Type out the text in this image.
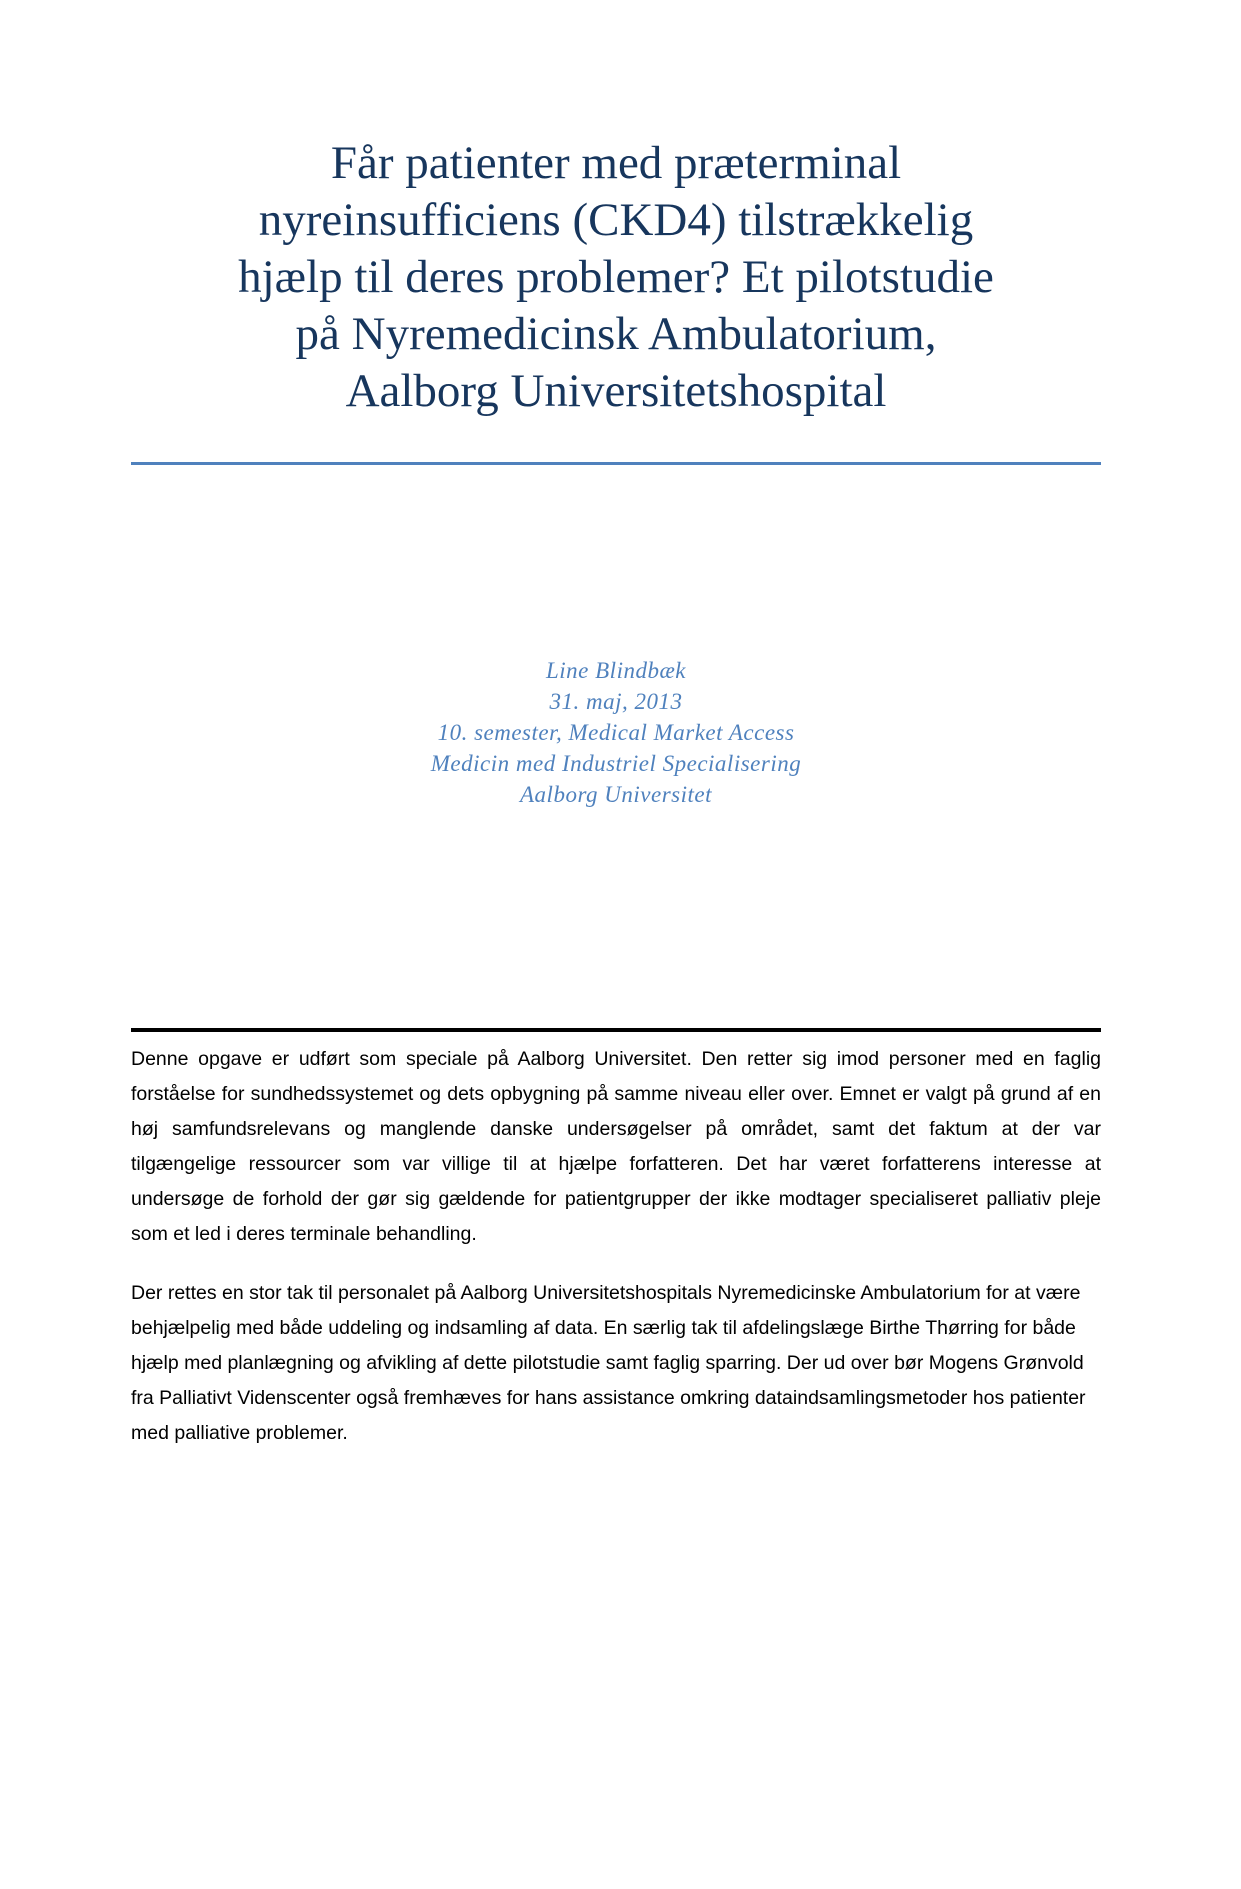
Får patienter med præterminal
nyreinsufficiens (CKD4) tilstrækkelig
hjælp til deres problemer? Et pilotstudie
på Nyremedicinsk Ambulatorium,
Aalborg Universitetshospital
Line Blindbæk
31. maj, 2013
10. semester, Medical Market Access
Medicin med Industriel Specialisering
Aalborg Universitet

Denne opgave er udført som speciale på Aalborg Universitet. Den retter sig imod personer med en faglig forståelse for sundhedssystemet og dets opbygning på samme niveau eller over. Emnet er valgt på grund af en høj samfundsrelevans og manglende danske undersøgelser på området, samt det faktum at der var tilgængelige ressourcer som var villige til at hjælpe forfatteren. Det har været forfatterens interesse at undersøge de forhold der gør sig gældende for patientgrupper der ikke modtager specialiseret palliativ pleje som et led i deres terminale behandling.

Der rettes en stor tak til personalet på Aalborg Universitetshospitals Nyremedicinske Ambulatorium for at være behjælpelig med både uddeling og indsamling af data. En særlig tak til afdelingslæge Birthe Thørring for både hjælp med planlægning og afvikling af dette pilotstudie samt faglig sparring. Der ud over bør Mogens Grønvold fra Palliativt Videnscenter også fremhæves for hans assistance omkring dataindsamlingsmetoder hos patienter med palliative problemer.
